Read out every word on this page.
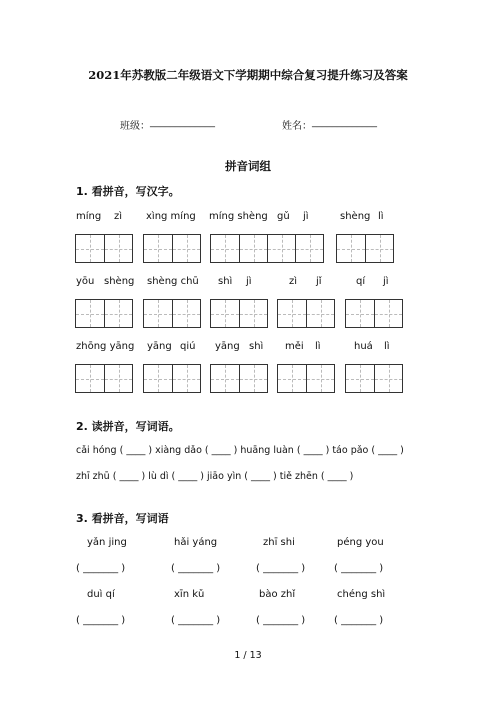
2021年苏教版二年级语文下学期期中综合复习提升练习及答案
班级： _____________	姓名： _____________
拼音词组
1. 看拼音，写汉字。
míng zì xìng míng míng shèng gǔ jì	shèng lì
yōu shèng shèng chū shì jì	zì jǐ	qí jì
zhōng yāng yāng qiú yāng shì měi lì	huá lì
2. 读拼音，写词语。
cǎi hóng ( ____ ) xiàng dǎo ( ____ ) huāng luàn ( ____ ) táo pǎo ( ____ )
zhī zhū ( ____ ) lù dì ( ____ ) jiāo yìn ( ____ ) tiě zhēn ( ____ )
3. 看拼音，写词语
yǎn jing	hǎi yáng	zhī shi	péng you
( _______ )	( _______ )	( _______ )	( _______ )
duì qí	xīn kǔ	bào zhǐ	chéng shì
( _______ )	( _______ )	( _______ )	( _______ )
1 / 13
